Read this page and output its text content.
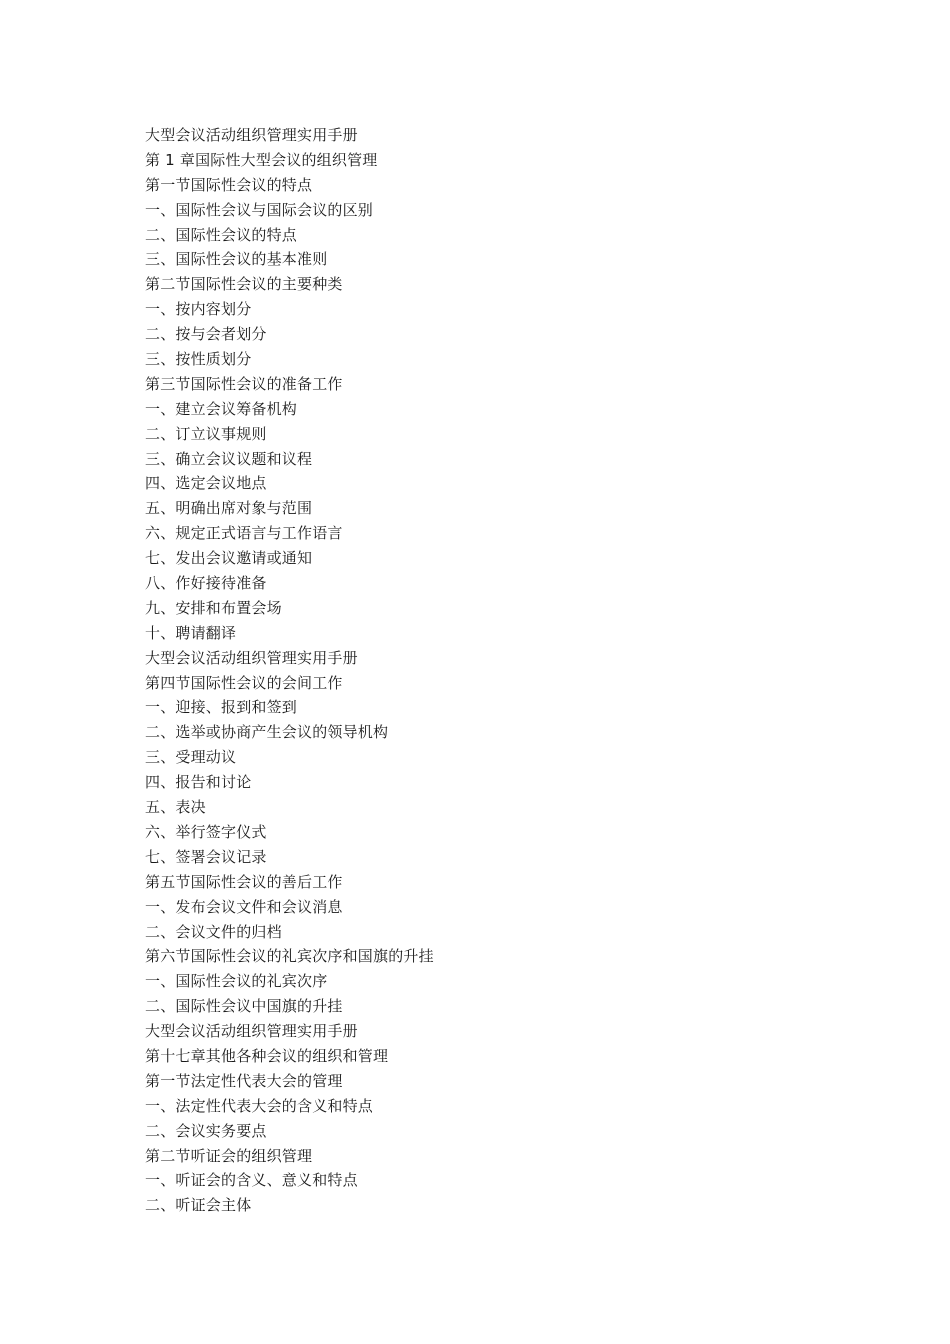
大型会议活动组织管理实用手册
第 1 章国际性大型会议的组织管理
第一节国际性会议的特点
一、国际性会议与国际会议的区别
二、国际性会议的特点
三、国际性会议的基本准则
第二节国际性会议的主要种类
一、按内容划分
二、按与会者划分
三、按性质划分
第三节国际性会议的准备工作
一、建立会议筹备机构
二、订立议事规则
三、确立会议议题和议程
四、选定会议地点
五、明确出席对象与范围
六、规定正式语言与工作语言
七、发出会议邀请或通知
八、作好接待准备
九、安排和布置会场
十、聘请翻译
大型会议活动组织管理实用手册
第四节国际性会议的会间工作
一、迎接、报到和签到
二、选举或协商产生会议的领导机构
三、受理动议
四、报告和讨论
五、表决
六、举行签字仪式
七、签署会议记录
第五节国际性会议的善后工作
一、发布会议文件和会议消息
二、会议文件的归档
第六节国际性会议的礼宾次序和国旗的升挂
一、国际性会议的礼宾次序
二、国际性会议中国旗的升挂
大型会议活动组织管理实用手册
第十七章其他各种会议的组织和管理
第一节法定性代表大会的管理
一、法定性代表大会的含义和特点
二、会议实务要点
第二节听证会的组织管理
一、听证会的含义、意义和特点
二、听证会主体
